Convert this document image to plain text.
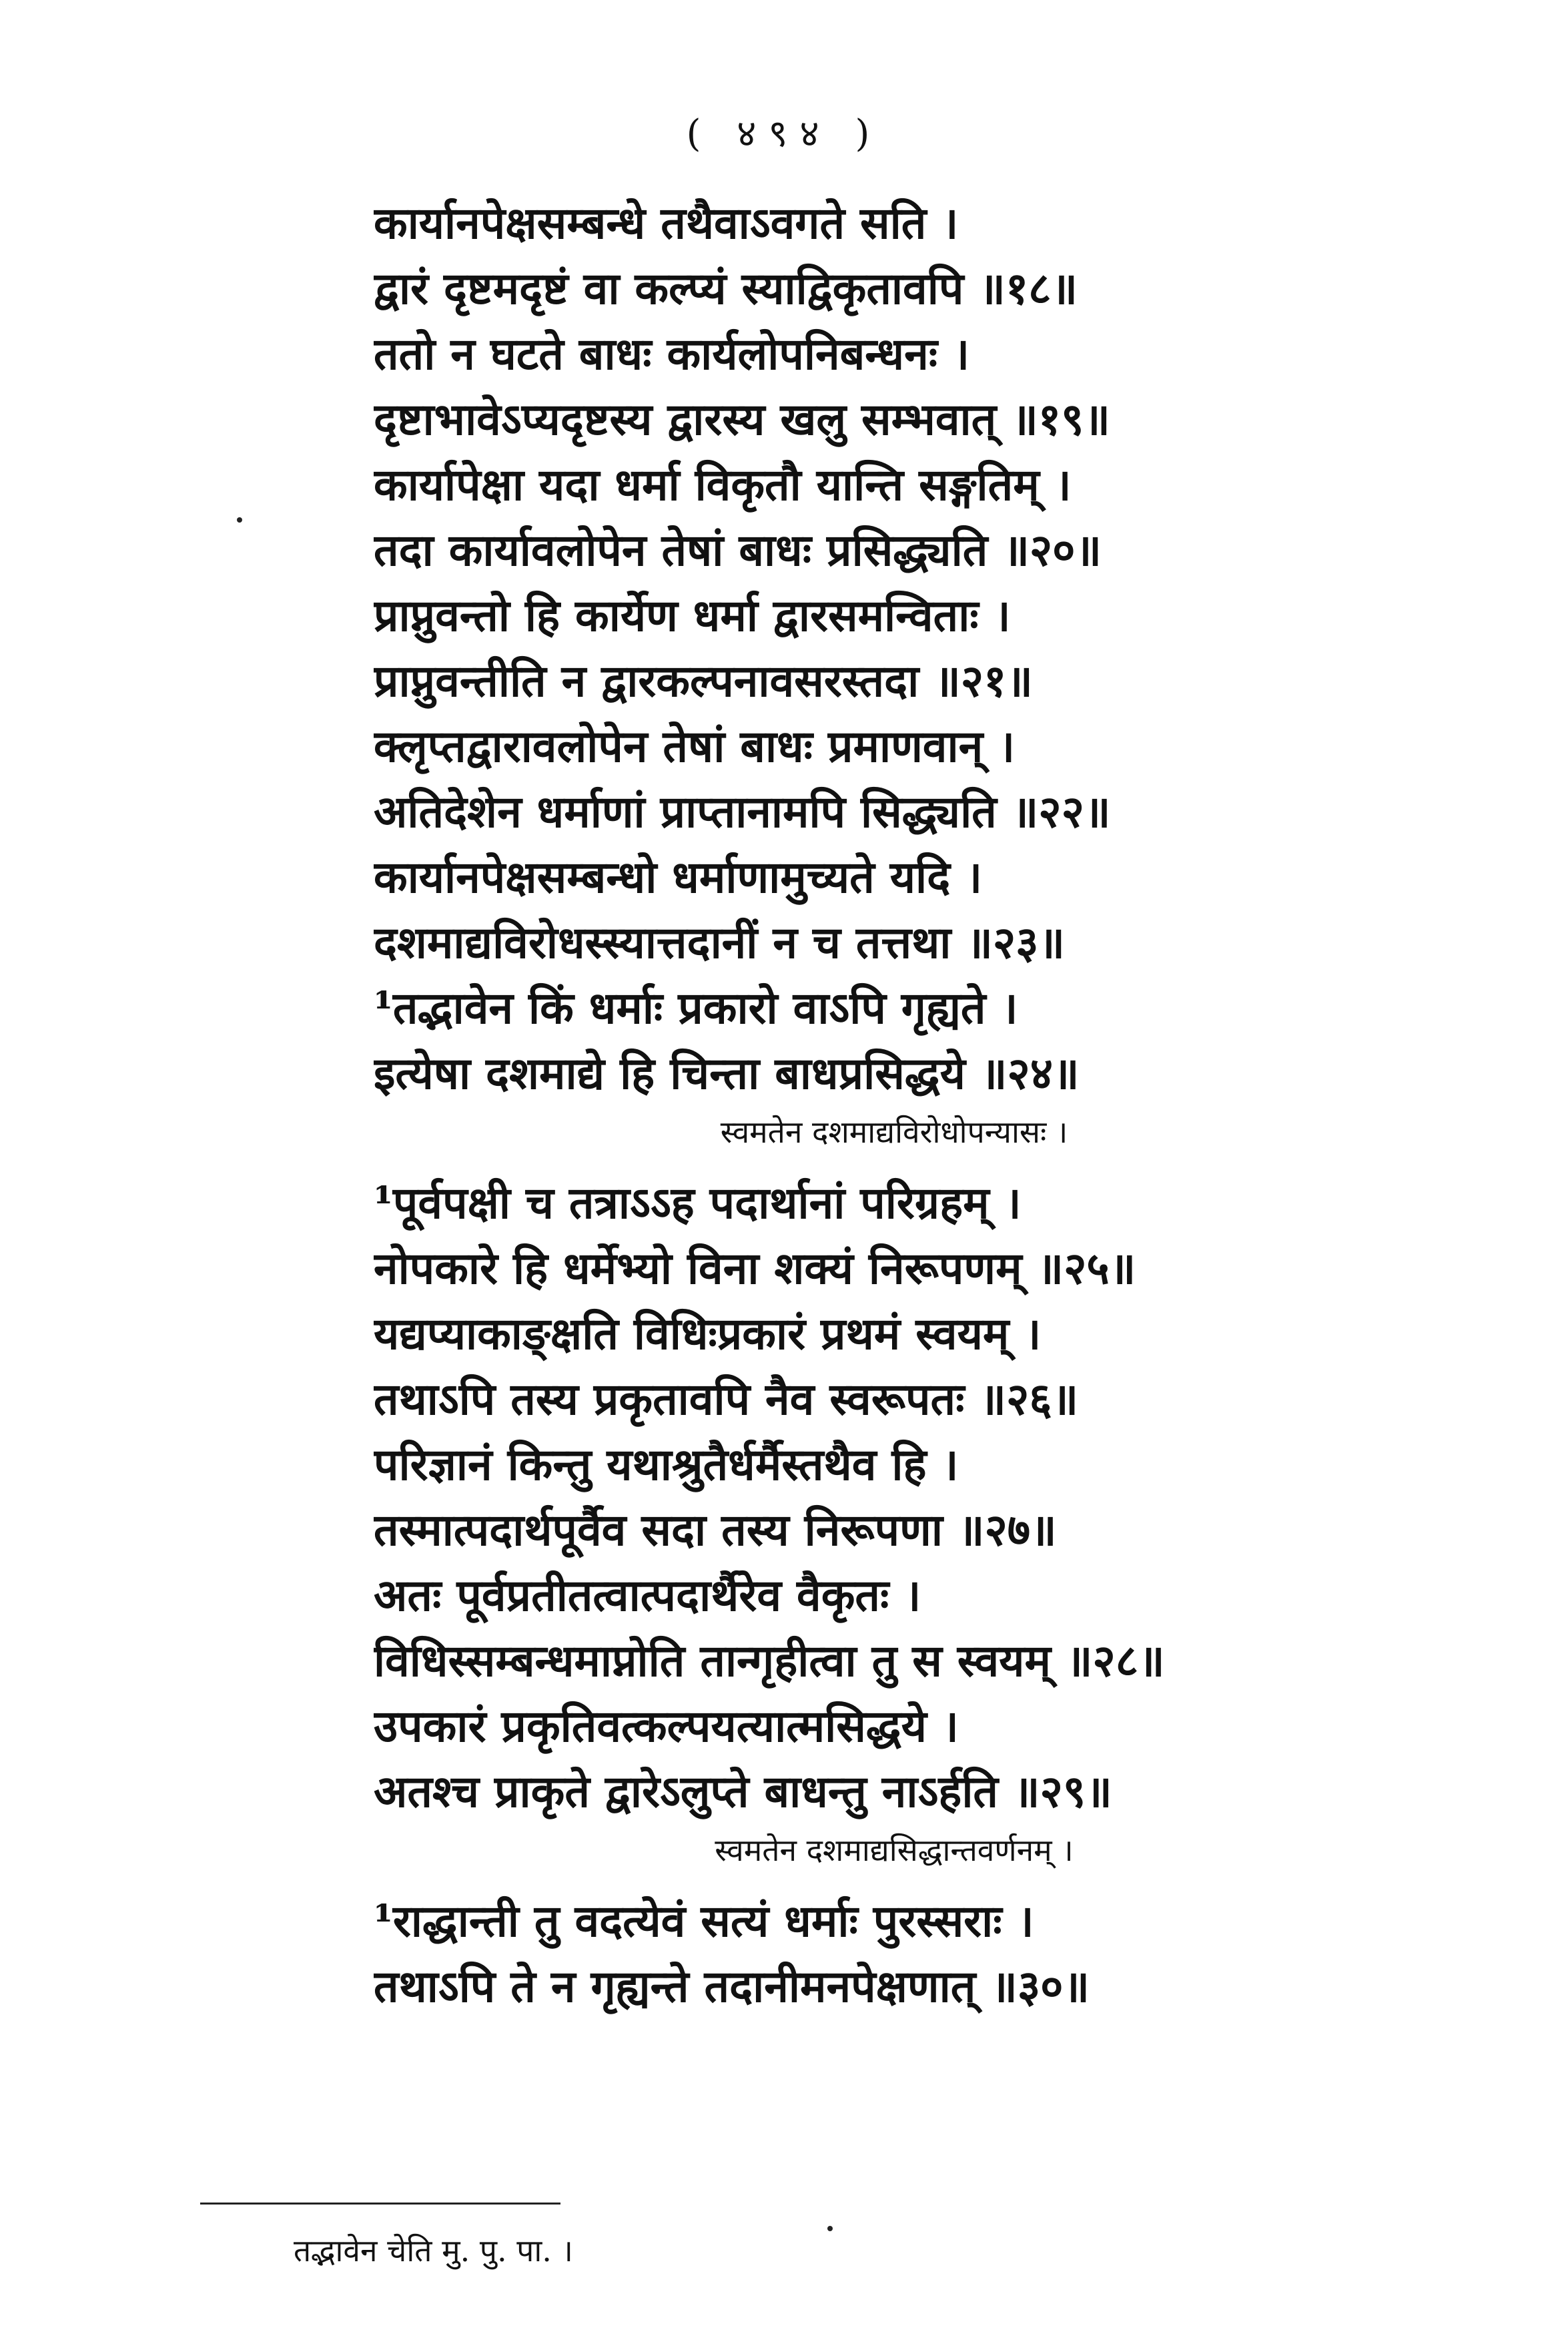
( ४९४ )
कार्यानपेक्षसम्बन्धे तथैवाऽवगते सति ।
द्वारं दृष्टमदृष्टं वा कल्प्यं स्याद्विकृतावपि ॥१८॥
ततो न घटते बाधः कार्यलोपनिबन्धनः ।
दृष्टाभावेऽप्यदृष्टस्य द्वारस्य खलु सम्भवात् ॥१९॥
कार्यापेक्षा यदा धर्मा विकृतौ यान्ति सङ्गतिम् ।
तदा कार्यावलोपेन तेषां बाधः प्रसिद्ध्यति ॥२०॥
प्राप्नुवन्तो हि कार्येण धर्मा द्वारसमन्विताः ।
प्राप्नुवन्तीति न द्वारकल्पनावसरस्तदा ॥२१॥
क्लृप्तद्वारावलोपेन तेषां बाधः प्रमाणवान् ।
अतिदेशेन धर्माणां प्राप्तानामपि सिद्ध्यति ॥२२॥
कार्यानपेक्षसम्बन्धो धर्माणामुच्यते यदि ।
दशमाद्यविरोधस्स्यात्तदानीं न च तत्तथा ॥२३॥
¹तद्भावेन किं धर्माः प्रकारो वाऽपि गृह्यते ।
इत्येषा दशमाद्ये हि चिन्ता बाधप्रसिद्धये ॥२४॥
स्वमतेन दशमाद्यविरोधोपन्यासः ।
¹पूर्वपक्षी च तत्राऽऽह पदार्थानां परिग्रहम् ।
नोपकारे हि धर्मेभ्यो विना शक्यं निरूपणम् ॥२५॥
यद्यप्याकाङ्क्षति विधिःप्रकारं प्रथमं स्वयम् ।
तथाऽपि तस्य प्रकृतावपि नैव स्वरूपतः ॥२६॥
परिज्ञानं किन्तु यथाश्रुतैर्धर्मैस्तथैव हि ।
तस्मात्पदार्थपूर्वैव सदा तस्य निरूपणा ॥२७॥
अतः पूर्वप्रतीतत्वात्पदार्थैरेव वैकृतः ।
विधिस्सम्बन्धमाप्नोति तान्गृहीत्वा तु स स्वयम् ॥२८॥
उपकारं प्रकृतिवत्कल्पयत्यात्मसिद्धये ।
अतश्च प्राकृते द्वारेऽलुप्ते बाधन्तु नाऽर्हति ॥२९॥
स्वमतेन दशमाद्यसिद्धान्तवर्णनम् ।
¹राद्धान्ती तु वदत्येवं सत्यं धर्माः पुरस्सराः ।
तथाऽपि ते न गृह्यन्ते तदानीमनपेक्षणात् ॥३०॥
तद्भावेन चेति मु. पु. पा. ।
